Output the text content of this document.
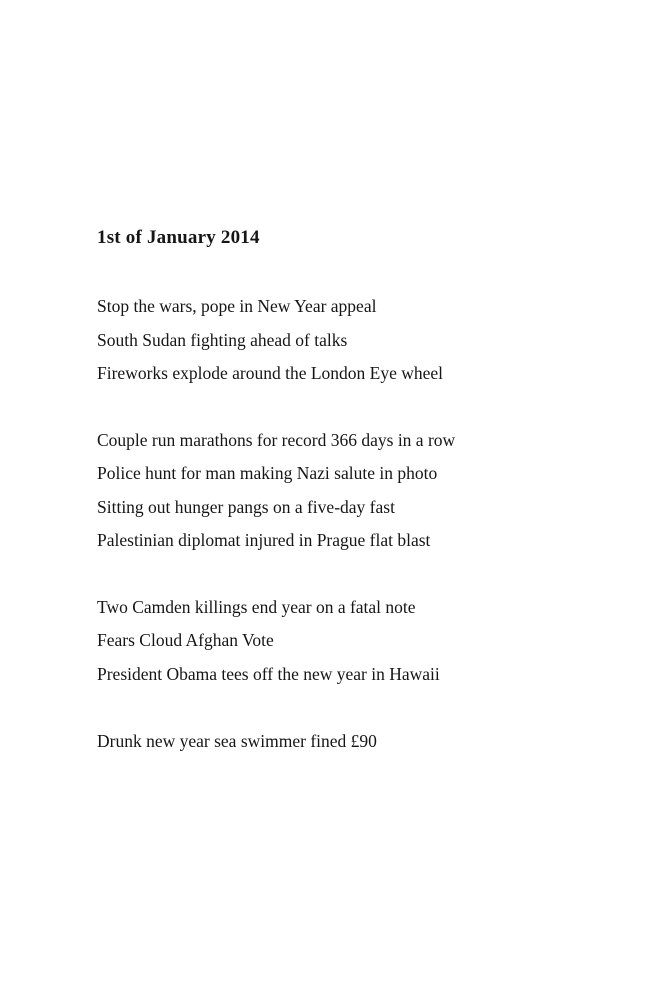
1st of January 2014

Stop the wars, pope in New Year appeal

South Sudan fighting ahead of talks

Fireworks explode around the London Eye wheel

Couple run marathons for record 366 days in a row

Police hunt for man making Nazi salute in photo

Sitting out hunger pangs on a five-day fast

Palestinian diplomat injured in Prague flat blast

Two Camden killings end year on a fatal note

Fears Cloud Afghan Vote

President Obama tees off the new year in Hawaii

Drunk new year sea swimmer fined £90
